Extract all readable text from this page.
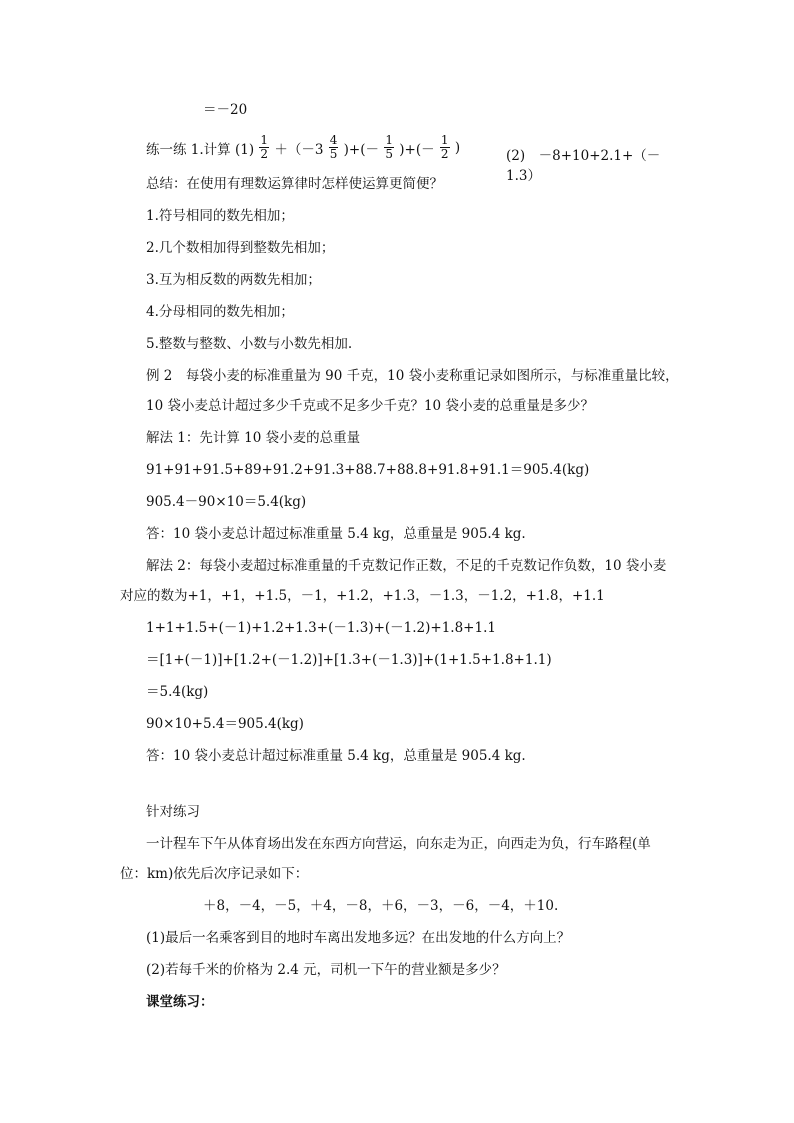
＝－20
练一练 1.计算 $(1) \frac{1}{2} +(-3 \frac{4}{5}$ )+(－ $\frac{1}{5}$ )+(－ $\frac{1}{2}$ )
(2)　－8+10+2.1+（－1.3）
总结：在使用有理数运算律时怎样使运算更简便？
1.符号相同的数先相加；
2.几个数相加得到整数先相加；
3.互为相反数的两数先相加；
4.分母相同的数先相加；
5.整数与整数、小数与小数先相加.
例 2　每袋小麦的标准重量为 90 千克，10 袋小麦称重记录如图所示，与标准重量比较，
10 袋小麦总计超过多少千克或不足多少千克？10 袋小麦的总重量是多少？
解法 1：先计算 10 袋小麦的总重量
91+91+91.5+89+91.2+91.3+88.7+88.8+91.8+91.1＝905.4(kg)
905.4－90×10＝5.4(kg)
答：10 袋小麦总计超过标准重量 5.4 kg，总重量是 905.4 kg.
解法 2：每袋小麦超过标准重量的千克数记作正数，不足的千克数记作负数，10 袋小麦
对应的数为+1，+1，+1.5，－1，+1.2，+1.3，－1.3，－1.2，+1.8，+1.1
1+1+1.5+(－1)+1.2+1.3+(－1.3)+(－1.2)+1.8+1.1
＝[1+(－1)]+[1.2+(－1.2)]+[1.3+(－1.3)]+(1+1.5+1.8+1.1)
＝5.4(kg)
90×10+5.4＝905.4(kg)
答：10 袋小麦总计超过标准重量 5.4 kg，总重量是 905.4 kg.
针对练习
一计程车下午从体育场出发在东西方向营运，向东走为正，向西走为负，行车路程(单
位：km)依先后次序记录如下：
＋8，－4，－5，＋4，－8，＋6，－3，－6，－4，＋10.
(1)最后一名乘客到目的地时车离出发地多远？在出发地的什么方向上？
(2)若每千米的价格为 2.4 元，司机一下午的营业额是多少？
课堂练习：
